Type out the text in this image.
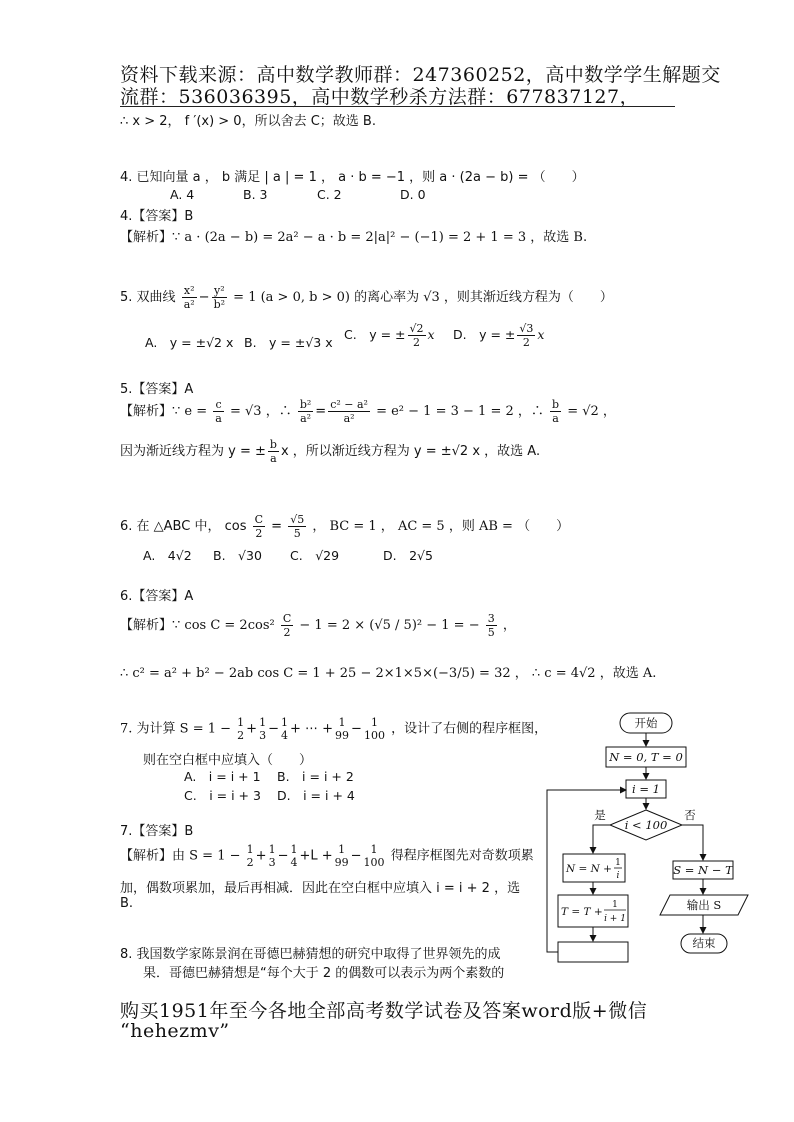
资料下载来源：高中数学教师群：247360252，高中数学学生解题交
流群：536036395，高中数学秒杀方法群：677837127，
∴ x > 2， f ′(x) > 0，所以舍去 C；故选 B.
4. 已知向量 a ， b 满足 | a | = 1 ， a · b = −1 ，则 a · (2a − b) = （　　）
A. 4	B. 3	C. 2	D. 0
4.【答案】B
【解析】∵ a · (2a − b) = 2a² − a · b = 2|a|² − (−1) = 2 + 1 = 3 ，故选 B.
5. 双曲线 $\frac{\text{x²}}{\text{a²}} - \frac{\text{y²}}{\text{b²}} = 1$ (a > 0, b > 0) 的离心率为 √3 ，则其渐近线方程为（　　）
A.　y = ±√2 x B.　y = ±√3 x
C.　y = ± $\frac{√2}{2}$ x D.　y = ± $\frac{√3}{2}$ x
5.【答案】A
【解析】∵ $e = \frac{c}{a} = √3$ ，∴ $\frac{\text{b²}}{\text{a²}} = \frac{\text{c² − a²}}{\text{a²}} = e^2 - 1 = 3 - 1 = 2$ ，∴ $\frac{b}{a} = √2$ ，
因为渐近线方程为 y = ± $\frac{b}{a}$ x ，所以渐近线方程为 y = ±√2 x ，故选 A.
6. 在 △ABC 中， $\cos \frac{C}{2} = \frac{√5}{5}$ ， BC = 1 ， AC = 5 ，则 AB = （　　）
A.　4√2 B.　√30 C.　√29	D.　2√5
6.【答案】A
【解析】∵ $\cos C = 2\cos^2 \frac{C}{2} - 1 = 2 \times (√5 / 5)^2 - 1$ = − $\frac{3}{5}$ ，
∴ c² = a² + b² − 2ab cos C = 1 + 25 − 2×1×5×(−3/5) = 32 ， ∴ c = 4√2 ，故选 A.
7. 为计算 S = 1 − 1
2 + 1
3 − 1
4 + ⋯ + 1
99 − 1
100 ，设计了右侧的程序框图，
则在空白框中应填入（　　）
A.　i = i + 1 B.　i = i + 2
C.　i = i + 3 D.　i = i + 4
7.【答案】B
【解析】由 S = 1 − 1
2 + 1
3 − 1
4 +L + 1
99 − 1
100 得程序框图先对奇数项累
加，偶数项累加，最后再相减．因此在空白框中应填入 i = i + 2 ，选
B.
8. 我国数学家陈景润在哥德巴赫猜想的研究中取得了世界领先的成
果．哥德巴赫猜想是“每个大于 2 的偶数可以表示为两个素数的
开始
N = 0, T = 0
i = 1
i < 100
是	否
N = N + 1
i
T = T +
1
i + 1
S = N − T
输出 S
结束
购买1951年至今各地全部高考数学试卷及答案word版+微信
“hehezmv”
